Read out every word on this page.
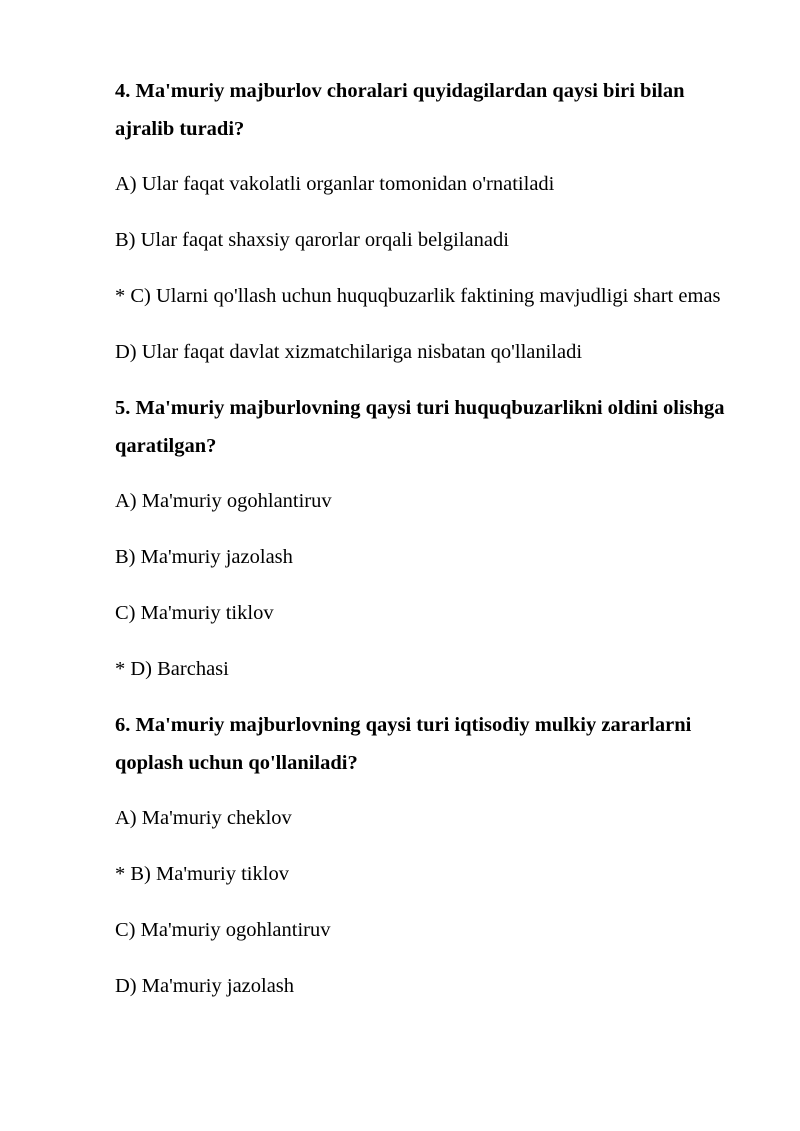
4. Ma'muriy majburlov choralari quyidagilardan qaysi biri bilan ajralib turadi?

A) Ular faqat vakolatli organlar tomonidan o'rnatiladi

B) Ular faqat shaxsiy qarorlar orqali belgilanadi

* C) Ularni qo'llash uchun huquqbuzarlik faktining mavjudligi shart emas

D) Ular faqat davlat xizmatchilariga nisbatan qo'llaniladi

5. Ma'muriy majburlovning qaysi turi huquqbuzarlikni oldini olishga qaratilgan?

A) Ma'muriy ogohlantiruv

B) Ma'muriy jazolash

C) Ma'muriy tiklov

* D) Barchasi

6. Ma'muriy majburlovning qaysi turi iqtisodiy mulkiy zararlarni qoplash uchun qo'llaniladi?

A) Ma'muriy cheklov

* B) Ma'muriy tiklov

C) Ma'muriy ogohlantiruv

D) Ma'muriy jazolash
